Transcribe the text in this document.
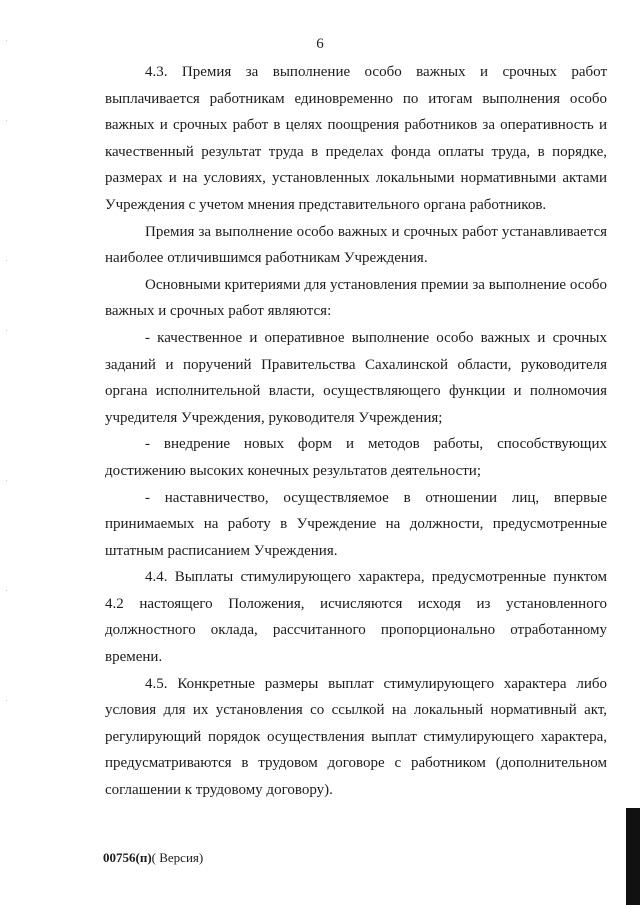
6

4.3. Премия за выполнение особо важных и срочных работ выплачивается работникам единовременно по итогам выполнения особо важных и срочных работ в целях поощрения работников за оперативность и качественный результат труда в пределах фонда оплаты труда, в порядке, размерах и на условиях, установленных локальными нормативными актами Учреждения с учетом мнения представительного органа работников.

Премия за выполнение особо важных и срочных работ устанавливается наиболее отличившимся работникам Учреждения.

Основными критериями для установления премии за выполнение особо важных и срочных работ являются:

- качественное и оперативное выполнение особо важных и срочных заданий и поручений Правительства Сахалинской области, руководителя органа исполнительной власти, осуществляющего функции и полномочия учредителя Учреждения, руководителя Учреждения;

- внедрение новых форм и методов работы, способствующих достижению высоких конечных результатов деятельности;

- наставничество, осуществляемое в отношении лиц, впервые принимаемых на работу в Учреждение на должности, предусмотренные штатным расписанием Учреждения.

4.4. Выплаты стимулирующего характера, предусмотренные пунктом 4.2 настоящего Положения, исчисляются исходя из установленного должностного оклада, рассчитанного пропорционально отработанному времени.

4.5. Конкретные размеры выплат стимулирующего характера либо условия для их установления со ссылкой на локальный нормативный акт, регулирующий порядок осуществления выплат стимулирующего характера, предусматриваются в трудовом договоре с работником (дополнительном соглашении к трудовому договору).

00756(п)( Версия)
